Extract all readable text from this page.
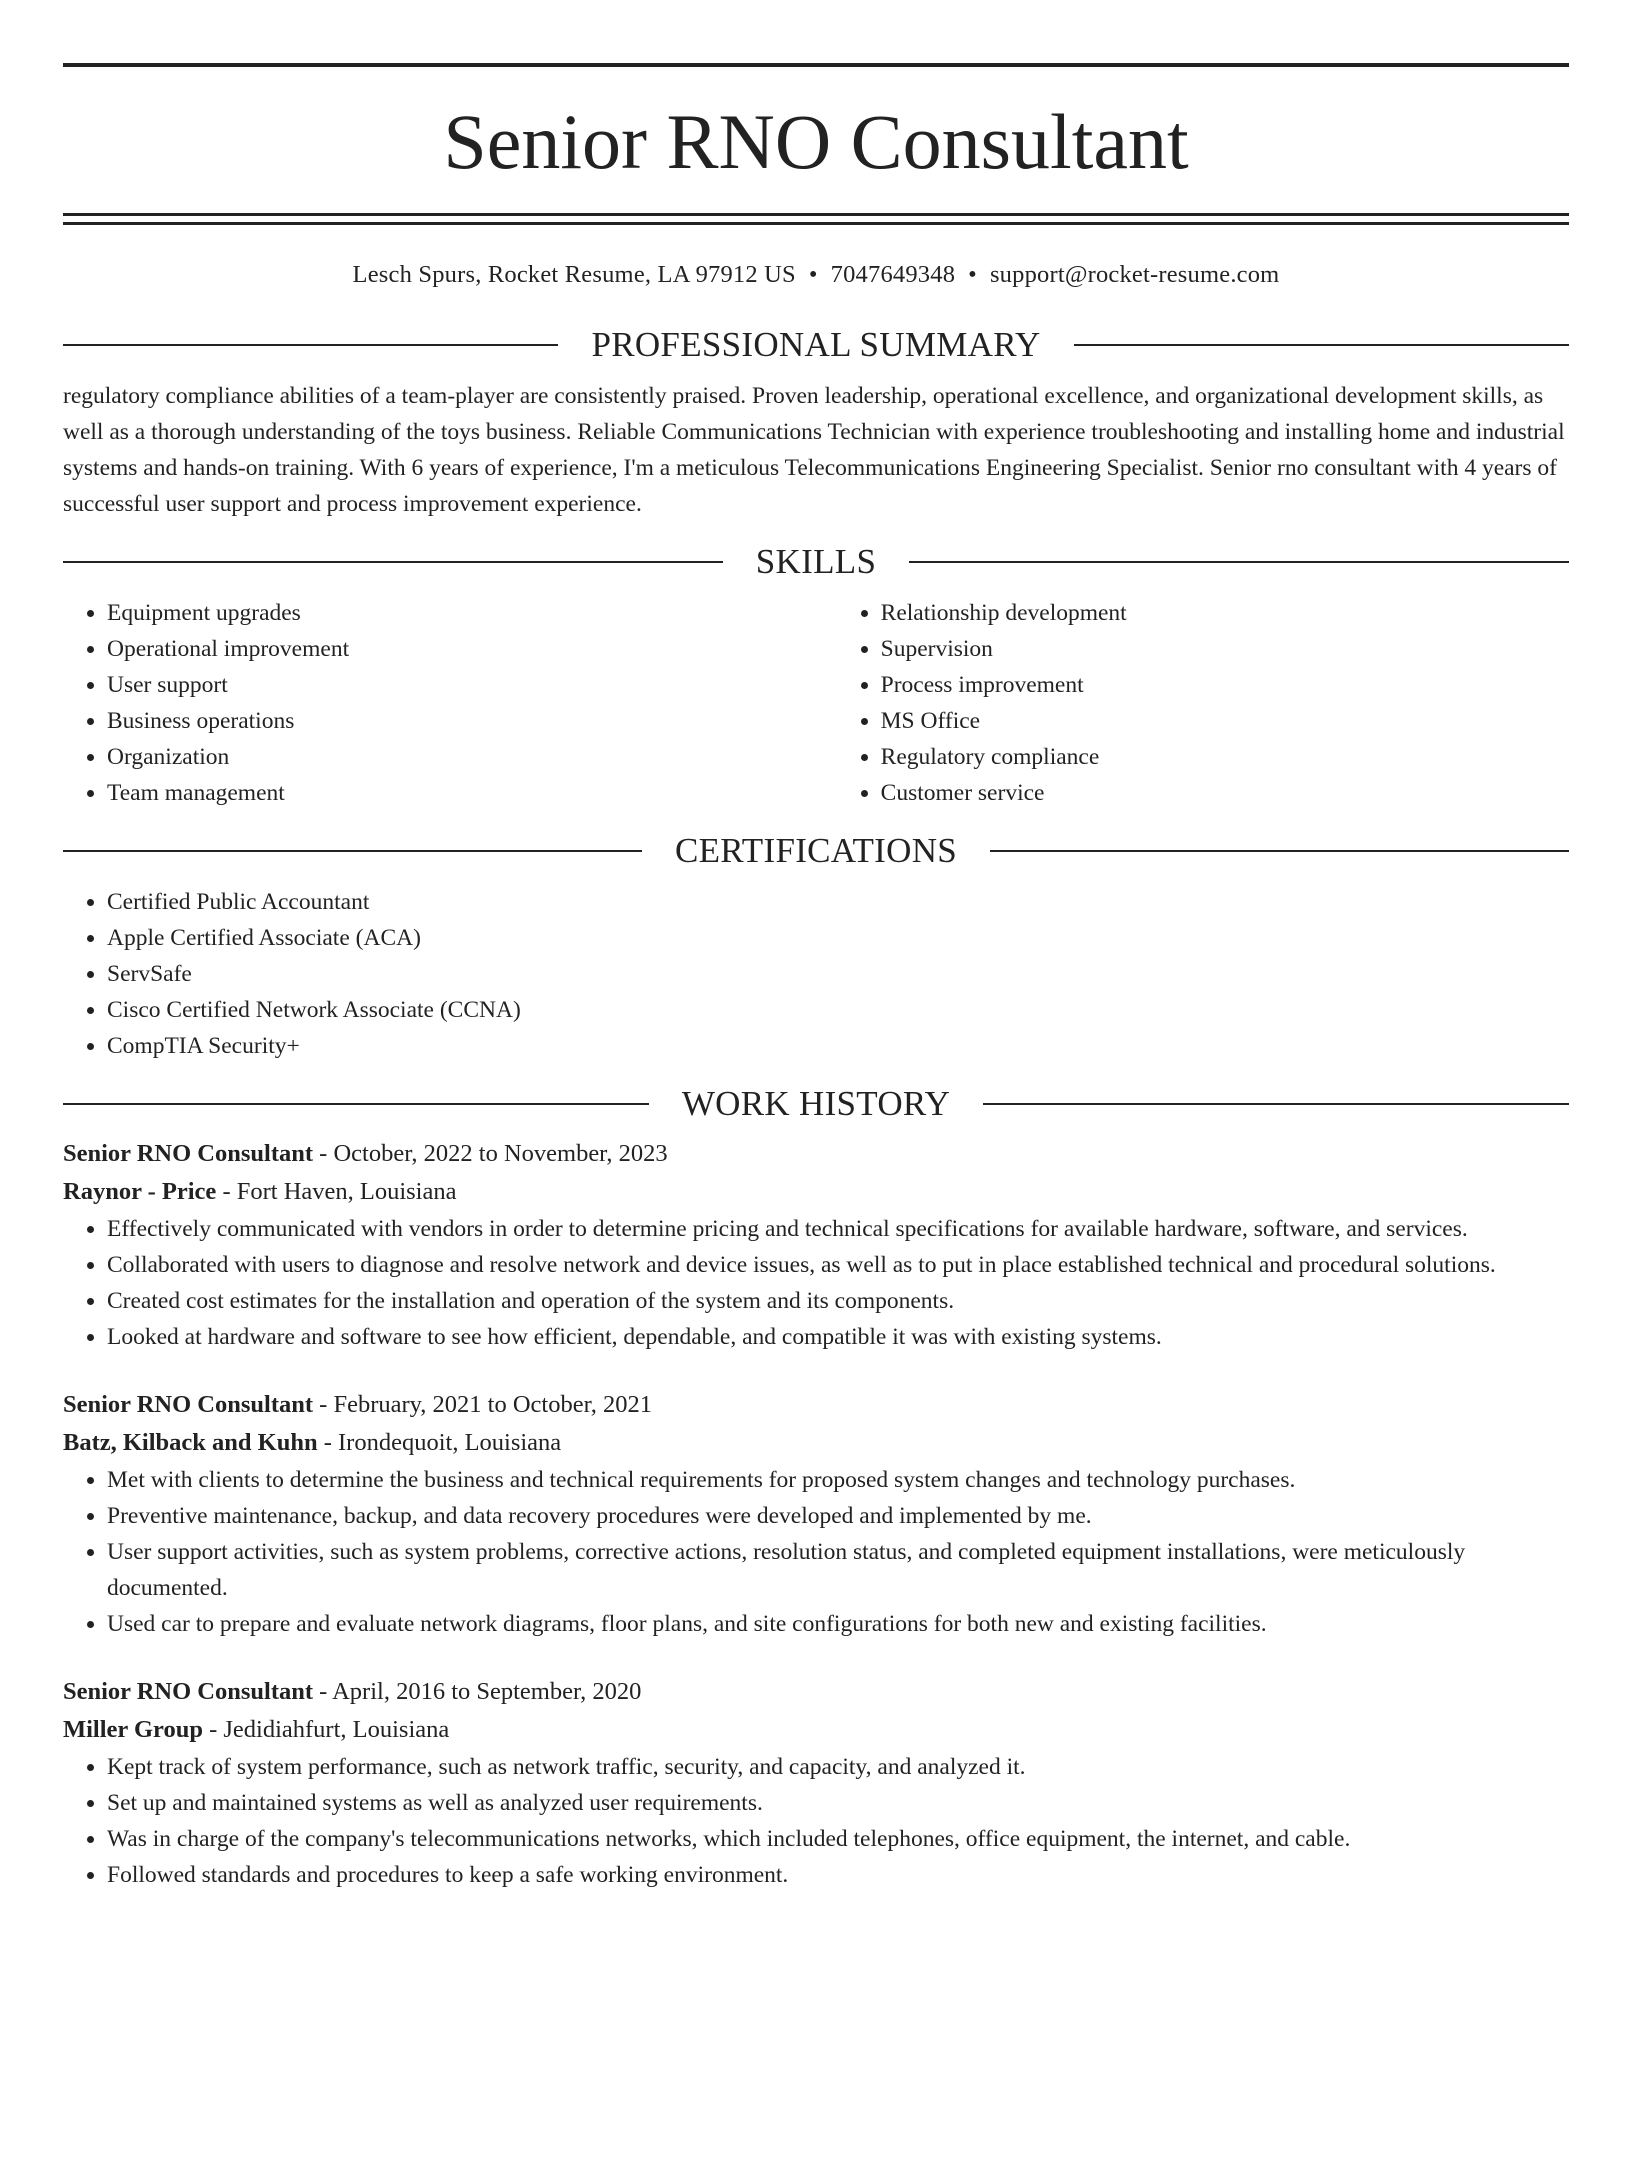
Senior RNO Consultant
Lesch Spurs, Rocket Resume, LA 97912 US • 7047649348 • support@rocket-resume.com
PROFESSIONAL SUMMARY

regulatory compliance abilities of a team-player are consistently praised. Proven leadership, operational excellence, and organizational development skills, as well as a thorough understanding of the toys business. Reliable Communications Technician with experience troubleshooting and installing home and industrial systems and hands-on training. With 6 years of experience, I'm a meticulous Telecommunications Engineering Specialist. Senior rno consultant with 4 years of successful user support and process improvement experience.

SKILLS
• Equipment upgrades
• Operational improvement
• User support
• Business operations
• Organization
• Team management
• Relationship development
• Supervision
• Process improvement
• MS Office
• Regulatory compliance
• Customer service
CERTIFICATIONS
• Certified Public Accountant
• Apple Certified Associate (ACA)
• ServSafe
• Cisco Certified Network Associate (CCNA)
• CompTIA Security+
WORK HISTORY
Senior RNO Consultant - October, 2022 to November, 2023
Raynor - Price - Fort Haven, Louisiana
• Effectively communicated with vendors in order to determine pricing and technical specifications for available hardware, software, and services.
• Collaborated with users to diagnose and resolve network and device issues, as well as to put in place established technical and procedural solutions.
• Created cost estimates for the installation and operation of the system and its components.
• Looked at hardware and software to see how efficient, dependable, and compatible it was with existing systems.
Senior RNO Consultant - February, 2021 to October, 2021
Batz, Kilback and Kuhn - Irondequoit, Louisiana
• Met with clients to determine the business and technical requirements for proposed system changes and technology purchases.
• Preventive maintenance, backup, and data recovery procedures were developed and implemented by me.
• User support activities, such as system problems, corrective actions, resolution status, and completed equipment installations, were meticulously documented.
• Used car to prepare and evaluate network diagrams, floor plans, and site configurations for both new and existing facilities.
Senior RNO Consultant - April, 2016 to September, 2020
Miller Group - Jedidiahfurt, Louisiana
• Kept track of system performance, such as network traffic, security, and capacity, and analyzed it.
• Set up and maintained systems as well as analyzed user requirements.
• Was in charge of the company's telecommunications networks, which included telephones, office equipment, the internet, and cable.
• Followed standards and procedures to keep a safe working environment.
